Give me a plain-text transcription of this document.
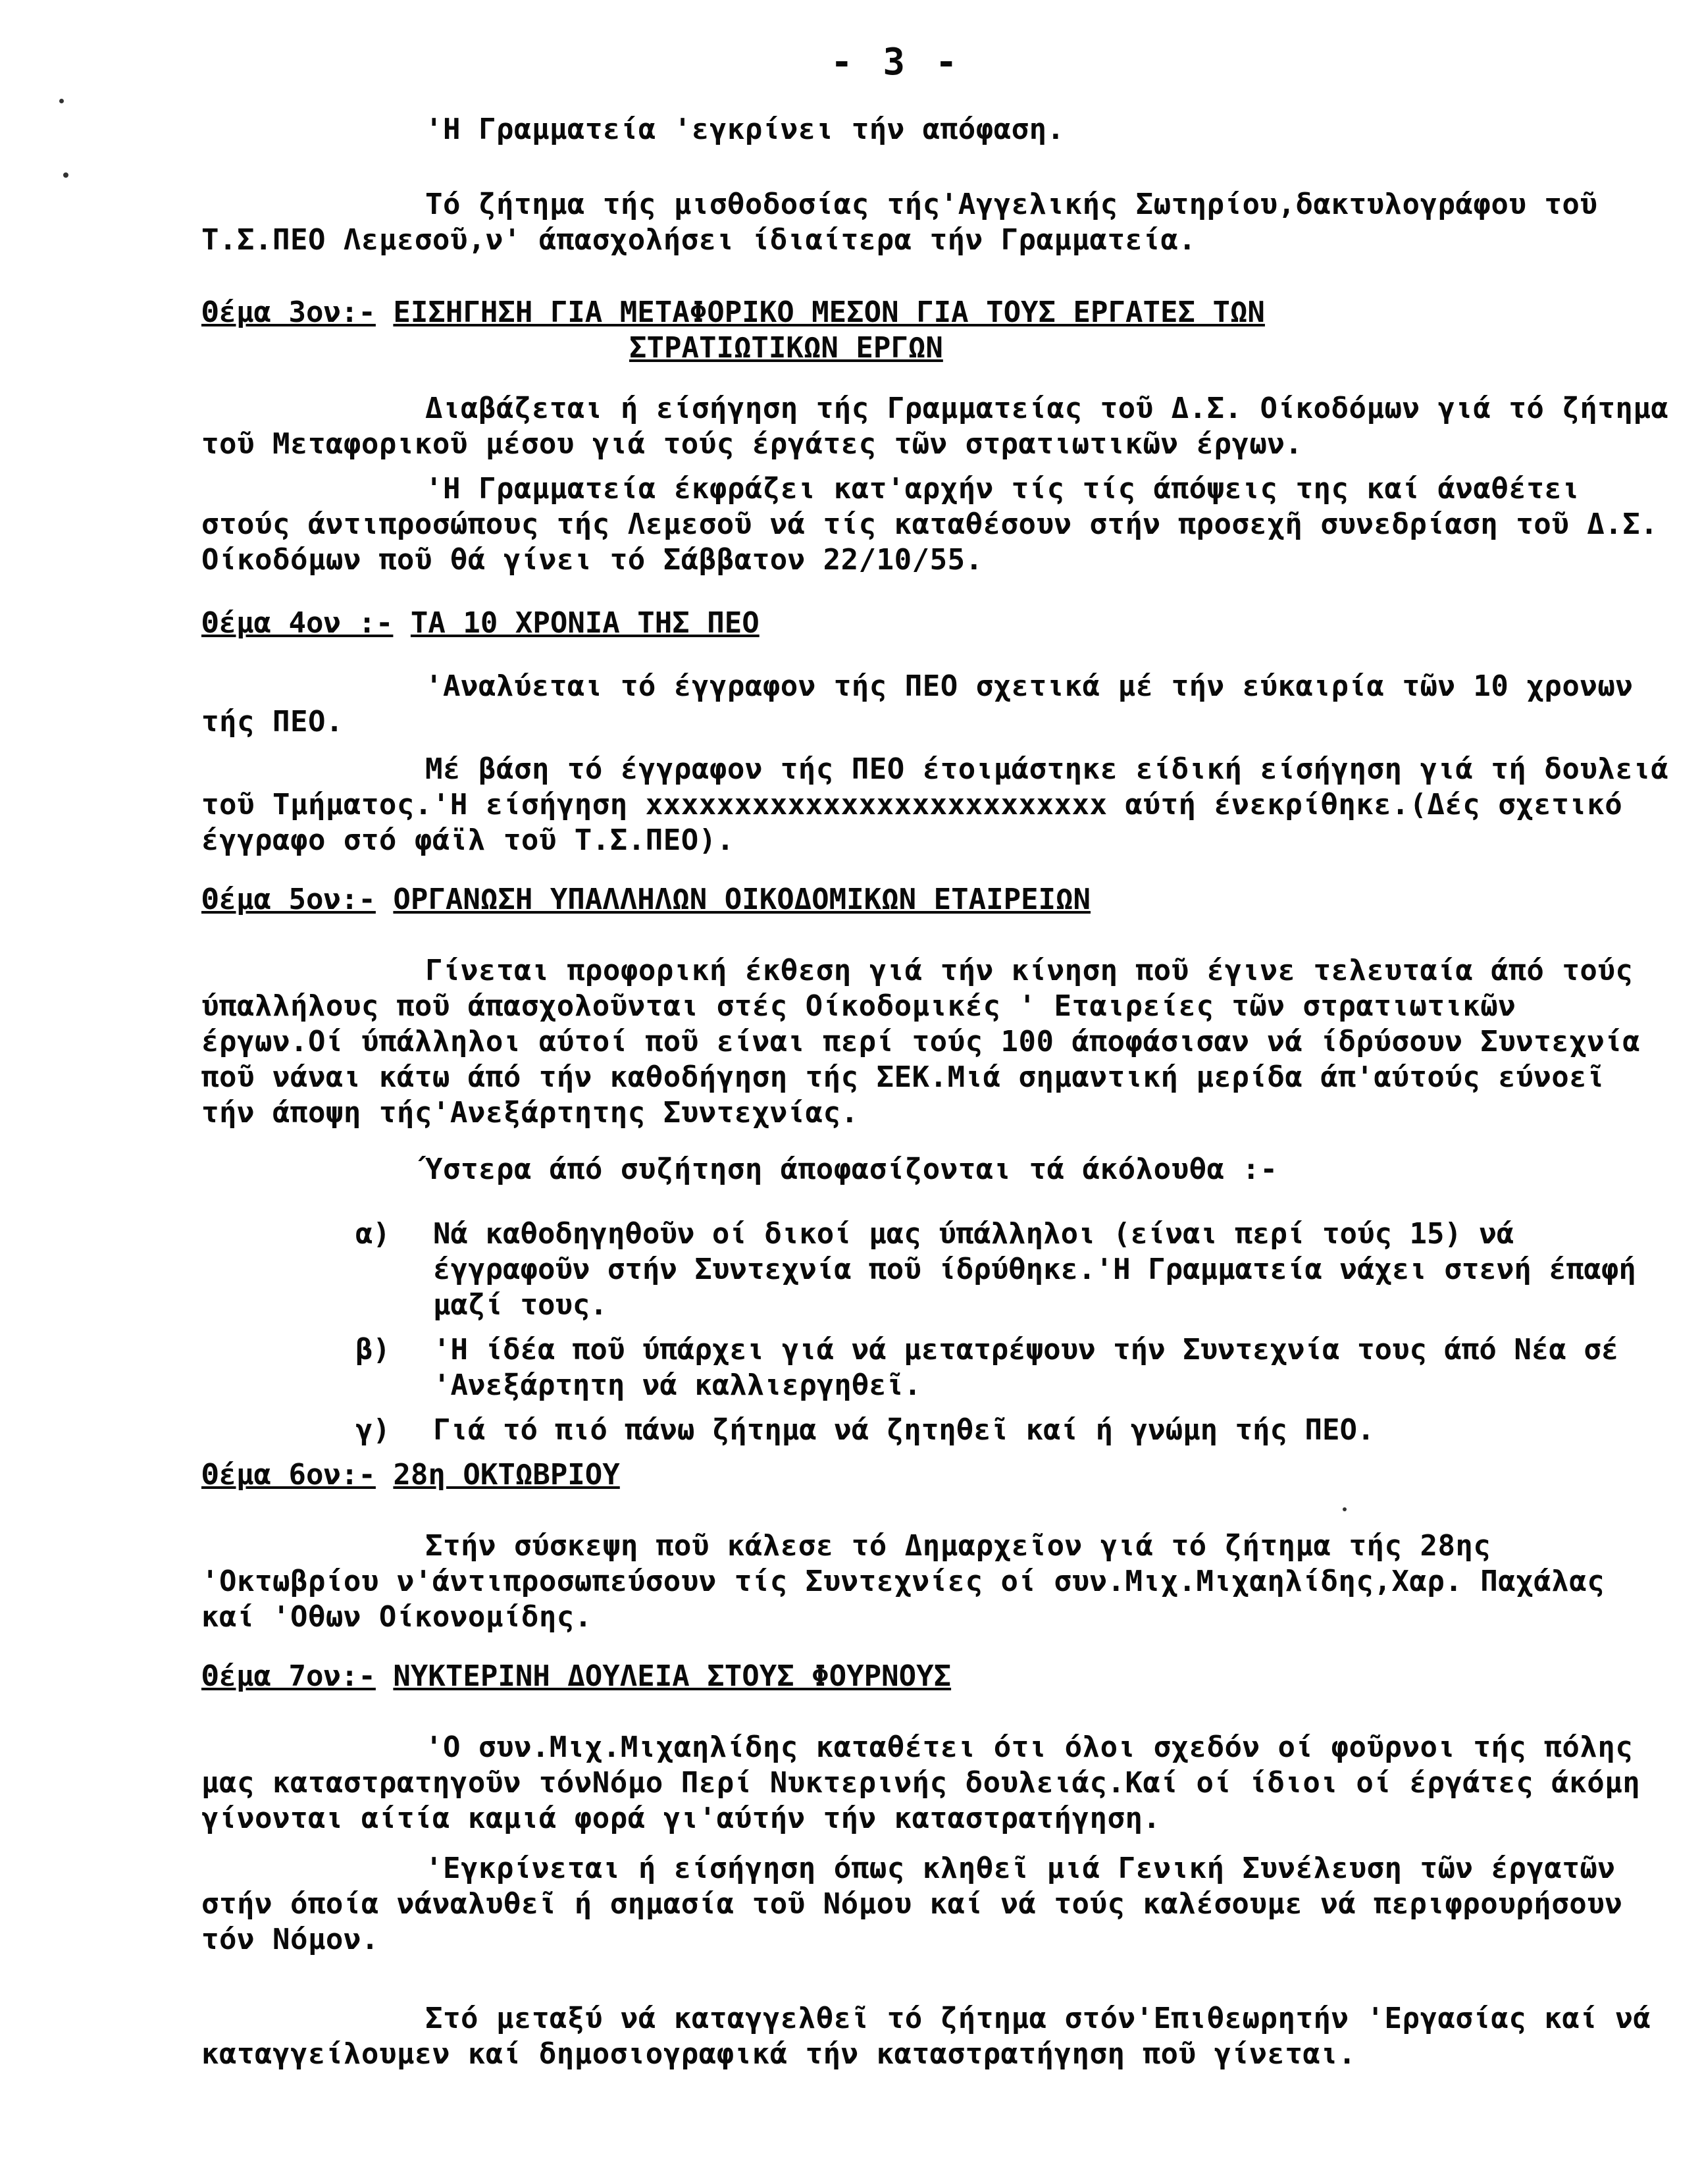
- 3 -

'Η Γραμματεία 'εγκρίνει τήν απόφαση.

Τό ζήτημα τής μισθοδοσίας τής'Αγγελικής Σωτηρίου,δακτυλογράφου τοῦ Τ.Σ.ΠΕΟ Λεμεσοῦ,ν' άπασχολήσει ίδιαίτερα τήν Γραμματεία.

Θέμα 3ον:- ΕΙΣΗΓΗΣΗ ΓΙΑ ΜΕΤΑΦΟΡΙΚΟ ΜΕΣΟΝ ΓΙΑ ΤΟΥΣ ΕΡΓΑΤΕΣ ΤΩΝ
ΣΤΡΑΤΙΩΤΙΚΩΝ ΕΡΓΩΝ

Διαβάζεται ή είσήγηση τής Γραμματείας τοῦ Δ.Σ. Οίκοδόμων γιά τό ζήτημα τοῦ Μεταφορικοῦ μέσου γιά τούς έργάτες τῶν στρατιωτικῶν έργων.

'Η Γραμματεία έκφράζει κατ'αρχήν τίς τίς άπόψεις της καί άναθέτει στούς άντιπροσώπους τής Λεμεσοῦ νά τίς καταθέσουν στήν προσεχῆ συνεδρίαση τοῦ Δ.Σ. Οίκοδόμων ποῦ θά γίνει τό Σάββατον 22/10/55.

Θέμα 4ον :- ΤΑ 10 ΧΡΟΝΙΑ ΤΗΣ ΠΕΟ

'Αναλύεται τό έγγραφον τής ΠΕΟ σχετικά μέ τήν εύκαιρία τῶν 10 χρονων τής ΠΕΟ.

Μέ βάση τό έγγραφον τής ΠΕΟ έτοιμάστηκε είδική είσήγηση γιά τή δουλειά τοῦ Τμήματος.'Η είσήγηση xxxxxxxxxxxxxxxxxxxxxxxxxx αύτή ένεκρίθηκε.(Δές σχετικό έγγραφο στό φάϊλ τοῦ Τ.Σ.ΠΕΟ).

Θέμα 5ον:- ΟΡΓΑΝΩΣΗ ΥΠΑΛΛΗΛΩΝ ΟΙΚΟΔΟΜΙΚΩΝ ΕΤΑΙΡΕΙΩΝ

Γίνεται προφορική έκθεση γιά τήν κίνηση ποῦ έγινε τελευταία άπό τούς ύπαλλήλους ποῦ άπασχολοῦνται στές Οίκοδομικές ' Εταιρείες τῶν στρατιωτικῶν έργων.Οί ύπάλληλοι αύτοί ποῦ είναι περί τούς 100 άποφάσισαν νά ίδρύσουν Συντεχνία ποῦ νάναι κάτω άπό τήν καθοδήγηση τής ΣΕΚ.Μιά σημαντική μερίδα άπ'αύτούς εύνοεῖ τήν άποψη τής'Ανεξάρτητης Συντεχνίας.

Ύστερα άπό συζήτηση άποφασίζονται τά άκόλουθα :-

α)	Νά καθοδηγηθοῦν οί δικοί μας ύπάλληλοι (είναι περί τούς 15) νά έγγραφοῦν στήν Συντεχνία ποῦ ίδρύθηκε.'Η Γραμματεία νάχει στενή έπαφή μαζί τους.
β)	'Η ίδέα ποῦ ύπάρχει γιά νά μετατρέψουν τήν Συντεχνία τους άπό Νέα σέ 'Ανεξάρτητη νά καλλιεργηθεῖ.
γ)	Γιά τό πιό πάνω ζήτημα νά ζητηθεῖ καί ή γνώμη τής ΠΕΟ.
Θέμα 6ον:- 28η ΟΚΤΩΒΡΙΟΥ

Στήν σύσκεψη ποῦ κάλεσε τό Δημαρχεῖον γιά τό ζήτημα τής 28ης 'Οκτωβρίου ν'άντιπροσωπεύσουν τίς Συντεχνίες οί συν.Μιχ.Μιχαηλίδης,Χαρ. Παχάλας καί 'Οθων Οίκονομίδης.

Θέμα 7ον:- ΝΥΚΤΕΡΙΝΗ ΔΟΥΛΕΙΑ ΣΤΟΥΣ ΦΟΥΡΝΟΥΣ

'Ο συν.Μιχ.Μιχαηλίδης καταθέτει ότι όλοι σχεδόν οί φοῦρνοι τής πόλης μας καταστρατηγοῦν τόνΝόμο Περί Νυκτερινής δουλειάς.Καί οί ίδιοι οί έργάτες άκόμη γίνονται αίτία καμιά φορά γι'αύτήν τήν καταστρατήγηση.

'Εγκρίνεται ή είσήγηση όπως κληθεῖ μιά Γενική Συνέλευση τῶν έργατῶν στήν όποία νάναλυθεῖ ή σημασία τοῦ Νόμου καί νά τούς καλέσουμε νά περιφρουρήσουν τόν Νόμον.

Στό μεταξύ νά καταγγελθεῖ τό ζήτημα στόν'Επιθεωρητήν 'Εργασίας καί νά καταγγείλουμεν καί δημοσιογραφικά τήν καταστρατήγηση ποῦ γίνεται.
